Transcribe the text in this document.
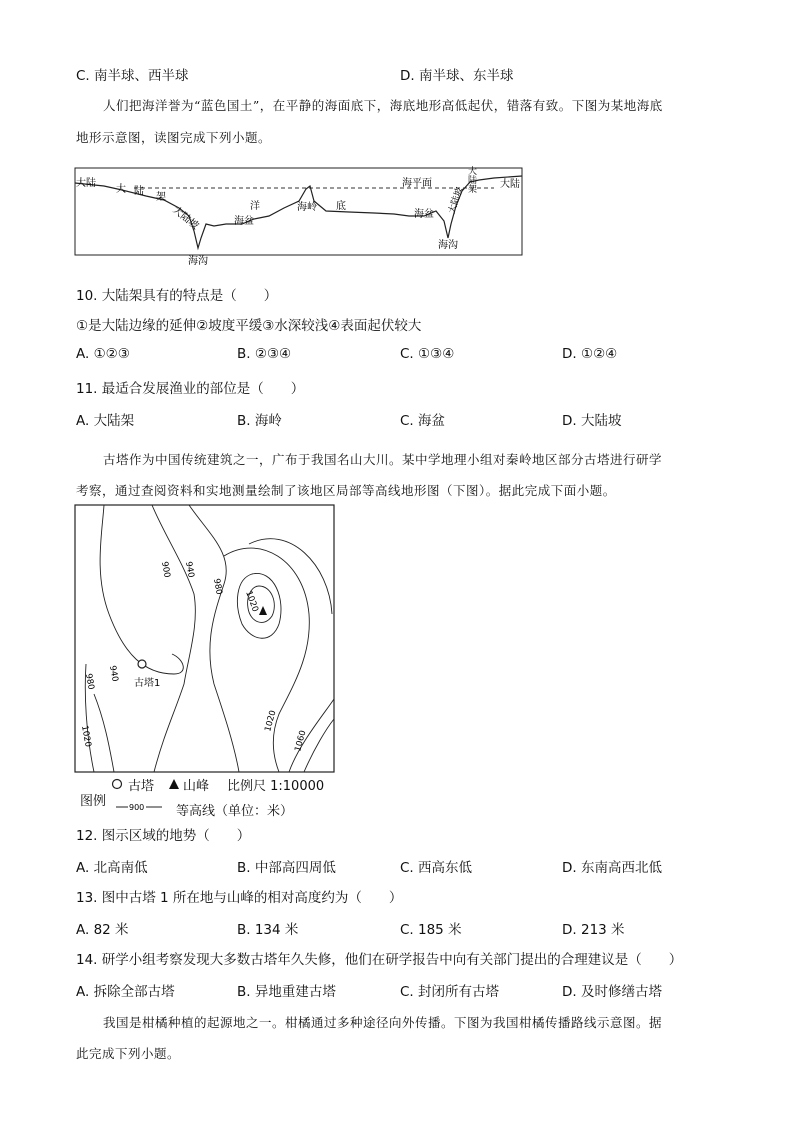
C. 南半球、西半球	D. 南半球、东半球
人们把海洋誉为“蓝色国土”，在平静的海面底下，海底地形高低起伏，错落有致。下图为某地海底
地形示意图，读图完成下列小题。
大陆
大 陆
架
大陆坡	洋
海盆
海岭 底
海盆
海平面
海沟
海沟
大陆坡
大陆架 大陆
10. 大陆架具有的特点是（　　）
①是大陆边缘的延伸②坡度平缓③水深较浅④表面起伏较大
A. ①②③	B. ②③④	C. ①③④	D. ①②④
11. 最适合发展渔业的部位是（　　）
A. 大陆架	B. 海岭	C. 海盆	D. 大陆坡
古塔作为中国传统建筑之一，广布于我国名山大川。某中学地理小组对秦岭地区部分古塔进行研学
考察，通过查阅资料和实地测量绘制了该地区局部等高线地形图（下图）。据此完成下面小题。
900 940
980
1020
980 940
1020
1020
1060
古塔1
图例
古塔 山峰 比例尺 1:10000
900 等高线（单位：米）
12. 图示区域的地势（　　）
A. 北高南低	B. 中部高四周低	C. 西高东低	D. 东南高西北低
13. 图中古塔 1 所在地与山峰的相对高度约为（　　）
A. 82 米	B. 134 米	C. 185 米	D. 213 米
14. 研学小组考察发现大多数古塔年久失修，他们在研学报告中向有关部门提出的合理建议是（　　）
A. 拆除全部古塔	B. 异地重建古塔	C. 封闭所有古塔	D. 及时修缮古塔
我国是柑橘种植的起源地之一。柑橘通过多种途径向外传播。下图为我国柑橘传播路线示意图。据
此完成下列小题。
